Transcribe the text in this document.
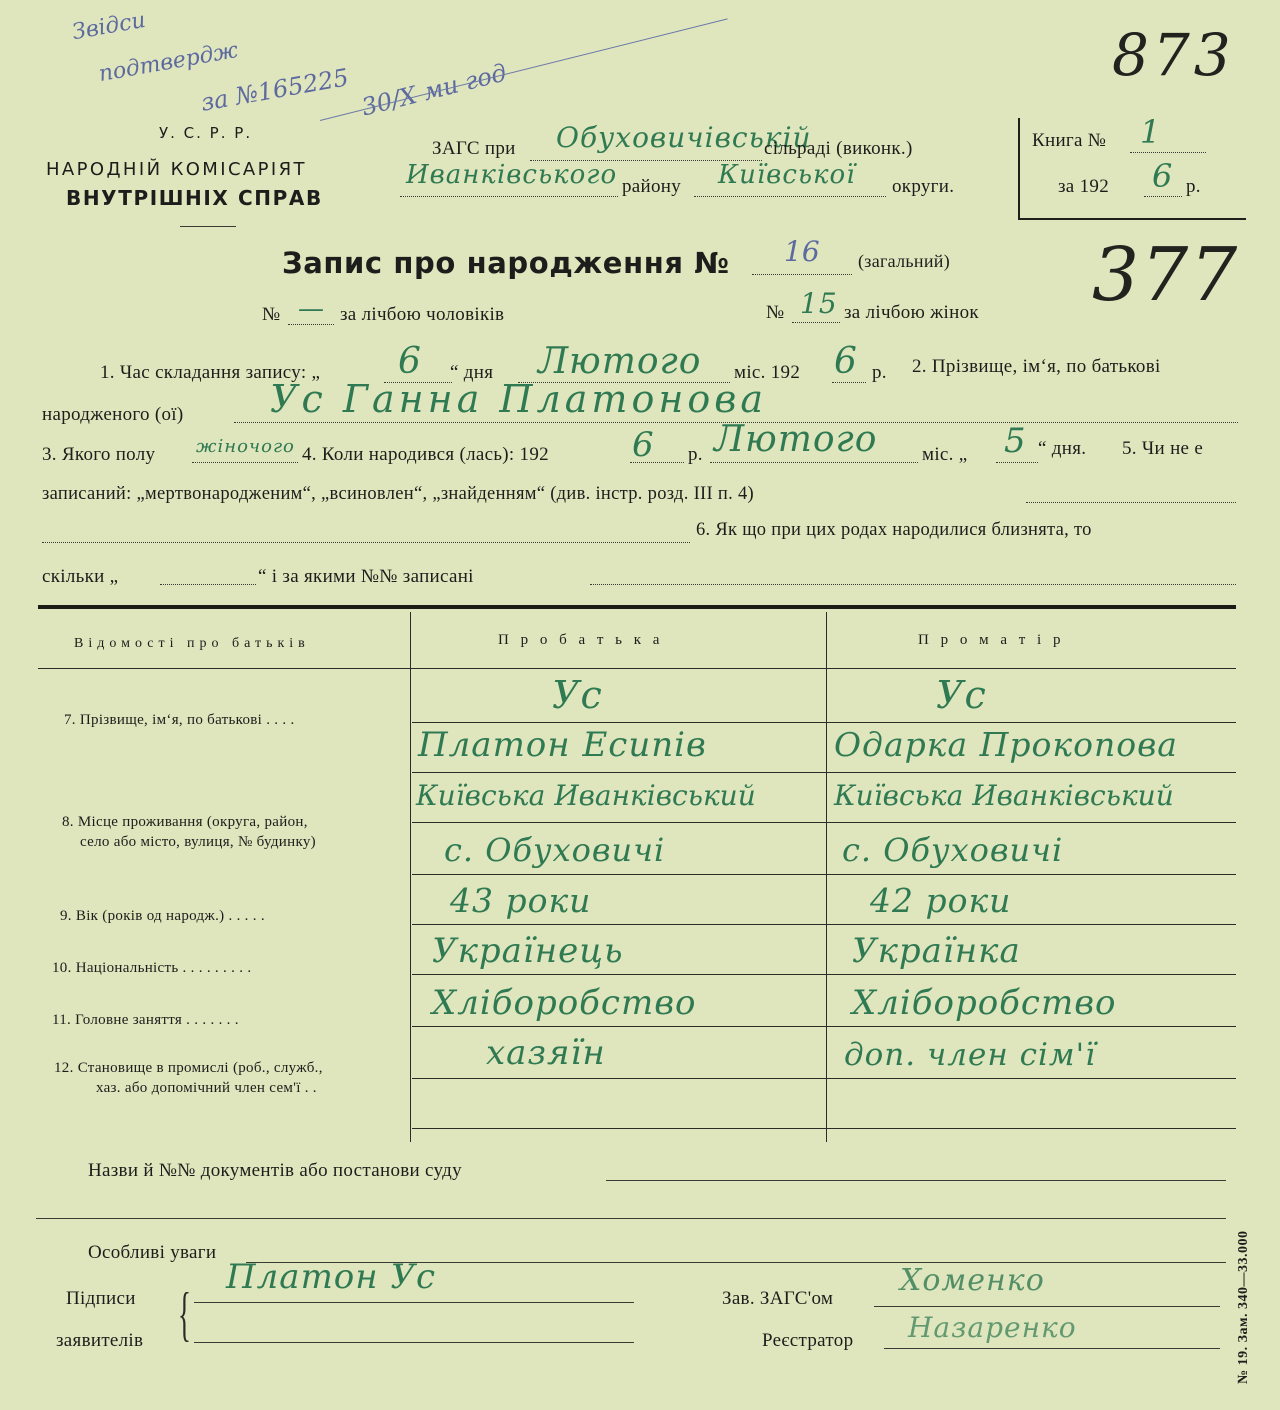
Звідси
подтвердж
за №165225 30/X ми год
873
У. С. Р. Р.
НАРОДНІЙ КОМІСАРІЯТ
ВНУТРІШНІХ СПРАВ
ЗАГС при Обуховичівській
сільраді (виконк.)
Иванківського району Київської округи.
Книга № 1
за 192 6 р.
Запис про народження № 16 (загальний) 377
№ — за лічбою чоловіків	№ 15 за лічбою жінок
1. Час складання запису: „ 6 “ дня Лютого міс. 192 6 р. 2. Прізвище, ім‘я, по батькові
народженого (ої) Ус Ганна Платонова
3. Якого полу жіночого 4. Коли народився (лась): 192 6 р. Лютого міс. „ 5 “ дня. 5. Чи не е
записаний: „мертвонароджeним“, „всиновлен“, „знайденням“ (див. інстр. розд. III п. 4)
6. Як що при цих родах народилися близнята, то
скільки „	“ і за якими №№ записані
Відомості про батьків	П р о б а т ь к а	П р о м а т і р
7. Прізвище, ім‘я, по батькові . . . .
Ус	Ус
Платон Есипів	Одарка Прокопова
8. Місце проживання (округа, район,
село або місто, вулиця, № будинку)
Київська Иванківський	Київська Иванківський
с. Обуховичі	с. Обуховичі
9. Вік (років од народж.) . . . . .	43 роки	42 роки
10. Національність . . . . . . . . .	Українець	Українка
11. Головне заняття . . . . . . .	Хліборобство	Хліборобство
12. Становище в промислі (роб., служб.,
хаз. або допомічний член сем'ї . .
хазяїн	доп. член сім'ї
Назви й №№ документів або постанови суду
Особливі уваги
Підписи
заявителів {
Платон Ус
Зав. ЗАГС'ом
Хоменко
Реєстратор Назаренко	№ 19. Зам. 340—33.000
